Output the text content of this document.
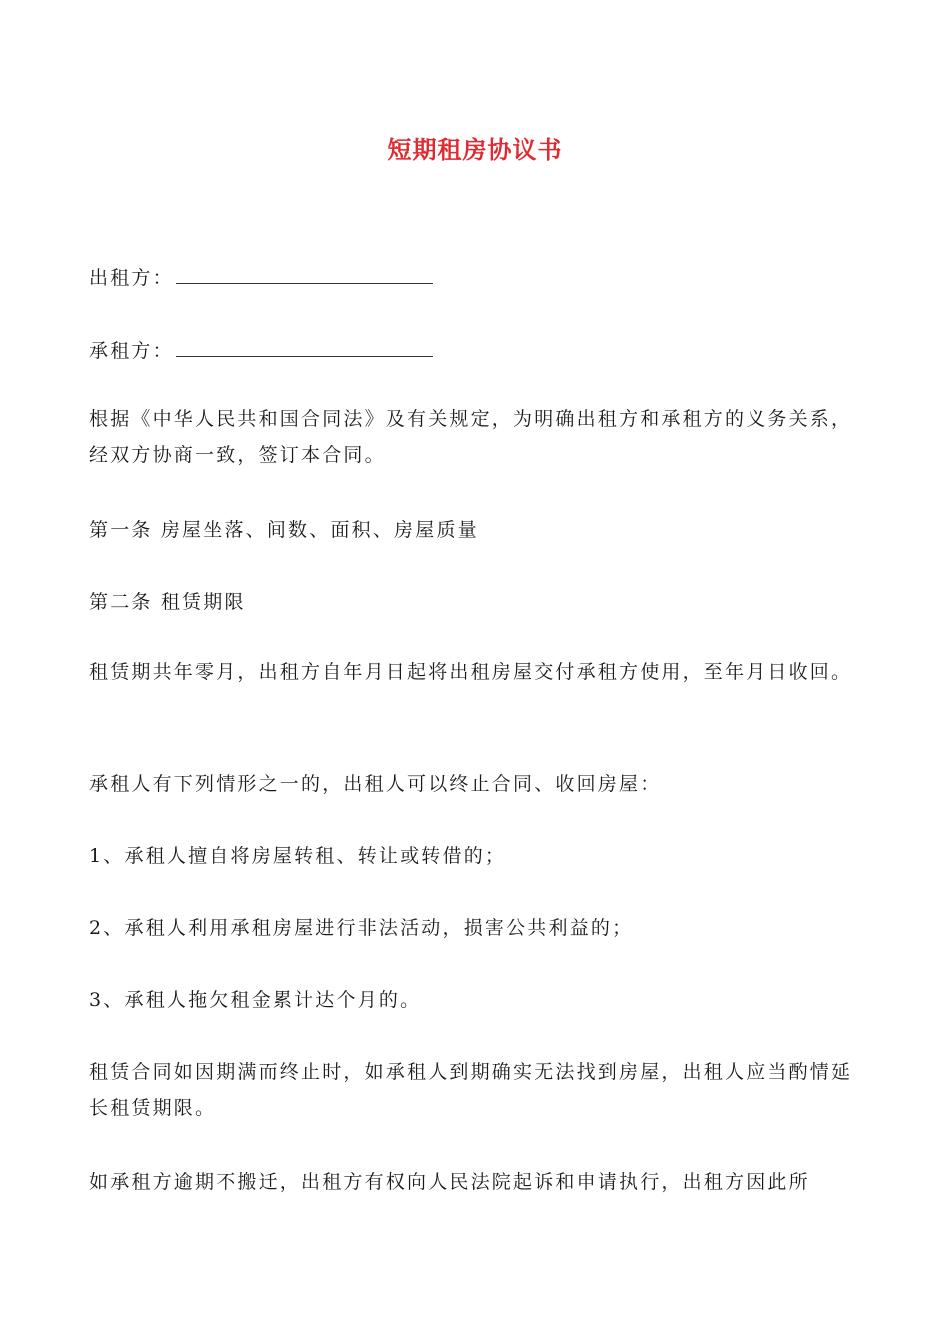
短期租房协议书
出租方：
承租方：
根据《中华人民共和国合同法》及有关规定，为明确出租方和承租方的义务关系，经双方协商一致，签订本合同。
第一条 房屋坐落、间数、面积、房屋质量
第二条 租赁期限
租赁期共年零月，出租方自年月日起将出租房屋交付承租方使用，至年月日收回。
承租人有下列情形之一的，出租人可以终止合同、收回房屋：
1、承租人擅自将房屋转租、转让或转借的；
2、承租人利用承租房屋进行非法活动，损害公共利益的；
3、承租人拖欠租金累计达个月的。
租赁合同如因期满而终止时，如承租人到期确实无法找到房屋，出租人应当酌情延长租赁期限。
如承租方逾期不搬迁，出租方有权向人民法院起诉和申请执行，出租方因此所
